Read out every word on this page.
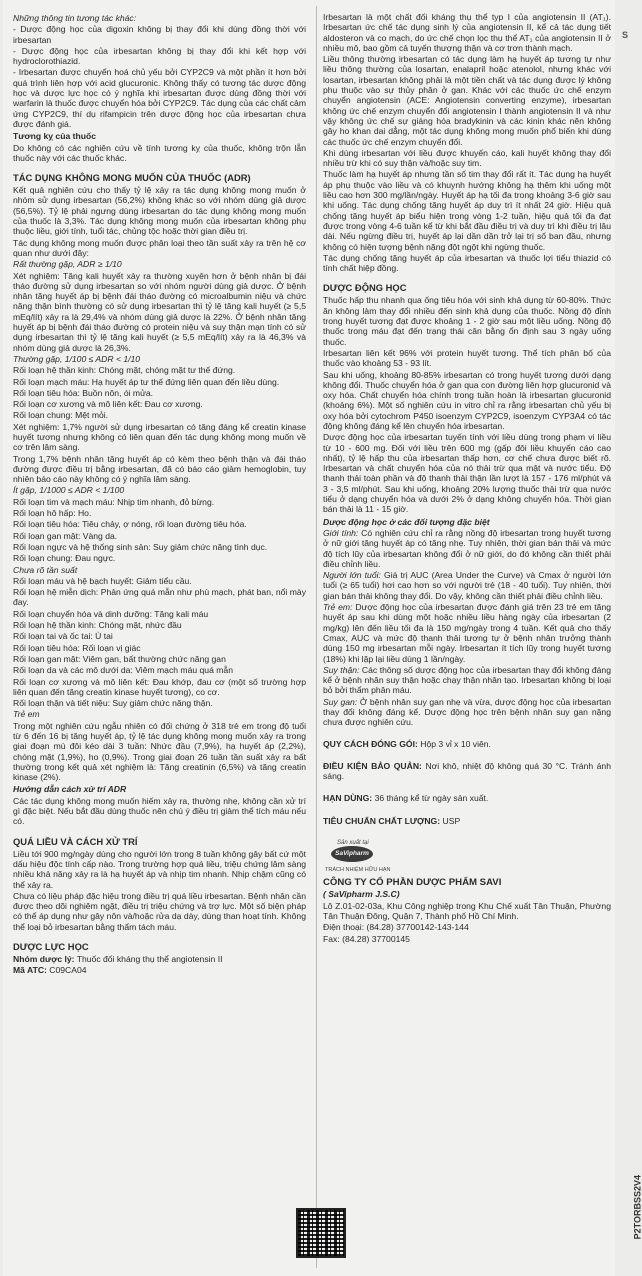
Những thông tin tương tác khác:

- Dược động học của digoxin không bị thay đổi khi dùng đồng thời với irbesartan

- Dược động học của irbesartan không bị thay đổi khi kết hợp với hydroclorothiazid.

- Irbesartan được chuyển hoá chủ yếu bởi CYP2C9 và một phần ít hơn bởi quá trình liên hợp với acid glucuronic. Không thấy có tương tác dược động học và dược lực học có ý nghĩa khi irbesartan được dùng đồng thời với warfarin là thuốc được chuyển hóa bởi CYP2C9. Tác dụng của các chất cảm ứng CYP2C9, thí dụ rifampicin trên dược động học của irbesartan chưa được đánh giá.

Tương kỵ của thuốc

Do không có các nghiên cứu về tính tương kỵ của thuốc, không trộn lẫn thuốc này với các thuốc khác.

TÁC DỤNG KHÔNG MONG MUỐN CỦA THUỐC (ADR)

Kết quả nghiên cứu cho thấy tỷ lệ xảy ra tác dụng không mong muốn ở nhóm sử dụng irbesartan (56,2%) không khác so với nhóm dùng giả dược (56,5%). Tỷ lệ phải ngưng dùng irbesartan do tác dụng không mong muốn của thuốc là 3,3%. Tác dụng không mong muốn của irbesartan không phụ thuộc liều, giới tính, tuổi tác, chủng tộc hoặc thời gian điều trị.

Tác dụng không mong muốn được phân loại theo tần suất xảy ra trên hệ cơ quan như dưới đây:

Rất thường gặp, ADR ≥ 1/10

Xét nghiệm: Tăng kali huyết xảy ra thường xuyên hơn ở bệnh nhân bị đái tháo đường sử dụng irbesartan so với nhóm người dùng giả dược. Ở bệnh nhân tăng huyết áp bị bệnh đái tháo đường có microalbumin niệu và chức năng thận bình thường có sử dụng irbesartan thì tỷ lệ tăng kali huyết (≥ 5,5 mEq/lít) xảy ra là 29,4% và nhóm dùng giả dược là 22%. Ở bệnh nhân tăng huyết áp bị bệnh đái tháo đường có protein niệu và suy thận mạn tính có sử dụng irbesartan thì tỷ lệ tăng kali huyết (≥ 5,5 mEq/lít) xảy ra là 46,3% và nhóm dùng giả dược là 26,3%.

Thường gặp, 1/100 ≤ ADR < 1/10

Rối loạn hệ thần kinh: Chóng mặt, chóng mặt tư thế đứng.

Rối loạn mạch máu: Hạ huyết áp tư thế đứng liên quan đến liều dùng.

Rối loạn tiêu hóa: Buồn nôn, ói mửa.

Rối loạn cơ xương và mô liên kết: Đau cơ xương.

Rối loạn chung: Mệt mỏi.

Xét nghiệm: 1,7% người sử dụng irbesartan có tăng đáng kể creatin kinase huyết tương nhưng không có liên quan đến tác dụng không mong muốn về cơ trên lâm sàng.

Trong 1,7% bệnh nhân tăng huyết áp có kèm theo bệnh thận và đái tháo đường được điều trị bằng irbesartan, đã có báo cáo giảm hemoglobin, tuy nhiên báo cáo này không có ý nghĩa lâm sàng.

Ít gặp, 1/1000 ≤ ADR < 1/100

Rối loạn tim và mạch máu: Nhịp tim nhanh, đỏ bừng.

Rối loạn hô hấp: Ho.

Rối loạn tiêu hóa: Tiêu chảy, ợ nóng, rối loạn đường tiêu hóa.

Rối loạn gan mật: Vàng da.

Rối loạn ngực và hệ thống sinh sản: Suy giảm chức năng tình dục.

Rối loạn chung: Đau ngực.

Chưa rõ tần suất

Rối loạn máu và hệ bạch huyết: Giảm tiểu cầu.

Rối loạn hệ miễn dịch: Phản ứng quá mẫn như phù mạch, phát ban, nổi mày đay.

Rối loạn chuyển hóa và dinh dưỡng: Tăng kali máu

Rối loạn hệ thần kinh: Chóng mặt, nhức đầu

Rối loạn tai và ốc tai: Ù tai

Rối loạn tiêu hóa: Rối loạn vị giác

Rối loạn gan mật: Viêm gan, bất thường chức năng gan

Rối loạn da và các mô dưới da: Viêm mạch máu quá mẫn

Rối loạn cơ xương và mô liên kết: Đau khớp, đau cơ (một số trường hợp liên quan đến tăng creatin kinase huyết tương), co cơ.

Rối loạn thận và tiết niệu: Suy giảm chức năng thận.

Trẻ em

Trong một nghiên cứu ngẫu nhiên có đối chứng ở 318 trẻ em trong độ tuổi từ 6 đến 16 bị tăng huyết áp, tỷ lệ tác dụng không mong muốn xảy ra trong giai đoạn mù đôi kéo dài 3 tuần: Nhức đầu (7,9%), hạ huyết áp (2,2%), chóng mặt (1,9%), ho (0,9%). Trong giai đoạn 26 tuần tần suất xảy ra bất thường trong kết quả xét nghiệm là: Tăng creatinin (6,5%) và tăng creatin kinase (2%).

Hướng dẫn cách xử trí ADR

Các tác dụng không mong muốn hiếm xảy ra, thường nhẹ, không cần xử trí gì đặc biệt. Nếu bắt đầu dùng thuốc nên chú ý điều trị giảm thể tích máu nếu có.

QUÁ LIỀU VÀ CÁCH XỬ TRÍ

Liều tới 900 mg/ngày dùng cho người lớn trong 8 tuần không gây bất cứ một dấu hiệu độc tính cấp nào. Trong trường hợp quá liều, triệu chứng lâm sàng nhiều khả năng xảy ra là hạ huyết áp và nhịp tim nhanh. Nhịp chậm cũng có thể xảy ra.

Chưa có liệu pháp đặc hiệu trong điều trị quá liều irbesartan. Bệnh nhân cần được theo dõi nghiêm ngặt, điều trị triệu chứng và trợ lực. Một số biện pháp có thể áp dụng như gây nôn và/hoặc rửa dạ dày, dùng than hoạt tính. Không thể loại bỏ irbesartan bằng thẩm tách máu.

DƯỢC LỰC HỌC

Nhóm dược lý: Thuốc đối kháng thụ thể angiotensin II

Mã ATC: C09CA04

Irbesartan là một chất đối kháng thụ thể typ I của angiotensin II (AT₁). Irbesartan ức chế tác dụng sinh lý của angiotensin II, kể cả tác dụng tiết aldosteron và co mạch, do ức chế chọn lọc thụ thể AT₁ của angiotensin II ở nhiều mô, bao gồm cả tuyến thượng thận và cơ trơn thành mạch.

Liều thông thường irbesartan có tác dụng làm hạ huyết áp tương tự như liều thông thường của losartan, enalapril hoặc atenolol, nhưng khác với losartan, irbesartan không phải là một tiền chất và tác dụng được lý không phụ thuộc vào sự thủy phân ở gan. Khác với các thuốc ức chế enzym chuyển angiotensin (ACE: Angiotensin converting enzyme), irbesartan không ức chế enzym chuyển đổi angiotensin I thành angiotensin II và như vậy không ức chế sự giáng hóa bradykinin và các kinin khác nên không gây ho khan dai dẳng, một tác dụng không mong muốn phổ biến khi dùng các thuốc ức chế enzym chuyển đổi.

Khi dùng irbesartan với liều được khuyến cáo, kali huyết không thay đổi nhiều trừ khi có suy thận và/hoặc suy tim.

Thuốc làm hạ huyết áp nhưng tần số tim thay đổi rất ít. Tác dụng hạ huyết áp phụ thuộc vào liều và có khuynh hướng không hạ thêm khi uống một liều cao hơn 300 mg/lần/ngày. Huyết áp hạ tối đa trong khoảng 3-6 giờ sau khi uống. Tác dụng chống tăng huyết áp duy trì ít nhất 24 giờ. Hiệu quả chống tăng huyết áp biểu hiện trong vòng 1-2 tuần, hiệu quả tối đa đạt được trong vòng 4-6 tuần kể từ khi bắt đầu điều trị và duy trì khi điều trị lâu dài. Nếu ngừng điều trị, huyết áp lại dần dần trở lại trị số ban đầu, nhưng không có hiện tượng bệnh nặng đột ngột khi ngừng thuốc.

Tác dụng chống tăng huyết áp của irbesartan và thuốc lợi tiểu thiazid có tính chất hiệp đồng.

DƯỢC ĐỘNG HỌC

Thuốc hấp thu nhanh qua ống tiêu hóa với sinh khả dụng từ 60-80%. Thức ăn không làm thay đổi nhiều đến sinh khả dụng của thuốc. Nồng độ đỉnh trong huyết tương đạt được khoảng 1 - 2 giờ sau một liều uống. Nồng độ thuốc trong máu đạt đến trạng thái cân bằng ổn định sau 3 ngày uống thuốc.

Irbesartan liên kết 96% với protein huyết tương. Thể tích phân bố của thuốc vào khoảng 53 - 93 lít.

Sau khi uống, khoảng 80-85% irbesartan có trong huyết tương dưới dạng không đổi. Thuốc chuyển hóa ở gan qua con đường liên hợp glucuronid và oxy hóa. Chất chuyển hóa chính trong tuần hoàn là irbesartan glucuronid (khoảng 6%). Một số nghiên cứu in vitro chỉ ra rằng irbesartan chủ yếu bị oxy hóa bởi cytochrom P450 isoenzym CYP2C9, isoenzym CYP3A4 có tác động không đáng kể lên chuyển hóa irbesartan.

Dược động học của irbesartan tuyến tính với liều dùng trong phạm vi liều từ 10 - 600 mg. Đối với liều trên 600 mg (gấp đôi liều khuyến cáo cao nhất), tỷ lệ hấp thu của irbesartan thấp hơn, cơ chế chưa được biết rõ. Irbesartan và chất chuyển hóa của nó thải trừ qua mật và nước tiểu. Độ thanh thải toàn phần và độ thanh thải thận lần lượt là 157 - 176 ml/phút và 3 - 3,5 ml/phút. Sau khi uống, khoảng 20% lượng thuốc thải trừ qua nước tiểu ở dạng chuyển hóa và dưới 2% ở dạng không chuyển hóa. Thời gian bán thải là 11 - 15 giờ.

Dược động học ở các đối tượng đặc biệt

Giới tính: Có nghiên cứu chỉ ra rằng nồng độ irbesartan trong huyết tương ở nữ giới tăng huyết áp có tăng nhẹ. Tuy nhiên, thời gian bán thải và mức độ tích lũy của irbesartan không đổi ở nữ giới, do đó không cần thiết phải điều chỉnh liều.

Người lớn tuổi: Giá trị AUC (Area Under the Curve) và Cmax ở người lớn tuổi (≥ 65 tuổi) hơi cao hơn so với người trẻ (18 - 40 tuổi). Tuy nhiên, thời gian bán thải không thay đổi. Do vậy, không cần thiết phải điều chỉnh liều.

Trẻ em: Dược động học của irbesartan được đánh giá trên 23 trẻ em tăng huyết áp sau khi dùng một hoặc nhiều liều hàng ngày của irbesartan (2 mg/kg) lên đến liều tối đa là 150 mg/ngày trong 4 tuần. Kết quả cho thấy Cmax, AUC và mức độ thanh thải tương tự ở bệnh nhân trưởng thành dùng 150 mg irbesartan mỗi ngày. Irbesartan ít tích lũy trong huyết tương (18%) khi lặp lại liều dùng 1 lần/ngày.

Suy thận: Các thông số dược động học của irbesartan thay đổi không đáng kể ở bệnh nhân suy thận hoặc chạy thận nhân tạo. Irbesartan không bị loại bỏ bởi thẩm phân máu.

Suy gan: Ở bệnh nhân suy gan nhẹ và vừa, dược động học của irbesartan thay đổi không đáng kể. Dược động học trên bệnh nhân suy gan nặng chưa được nghiên cứu.

QUY CÁCH ĐÓNG GÓI: Hộp 3 vỉ x 10 viên.

ĐIỀU KIỆN BẢO QUẢN: Nơi khô, nhiệt độ không quá 30 °C. Tránh ánh sáng.

HẠN DÙNG: 36 tháng kể từ ngày sản xuất.

TIÊU CHUẨN CHẤT LƯỢNG: USP

Sản xuất tại
SaVipharm
TRÁCH NHIỆM HỮU HẠN

CÔNG TY CỔ PHẦN DƯỢC PHẨM SAVI

( SaVipharm J.S.C)

Lô Z.01-02-03a, Khu Công nghiệp trong Khu Chế xuất Tân Thuận, Phường Tân Thuận Đông, Quận 7, Thành phố Hồ Chí Minh.

Điện thoại: (84.28) 37700142-143-144

Fax: (84.28) 37700145

S
P2TORBSS2V4
